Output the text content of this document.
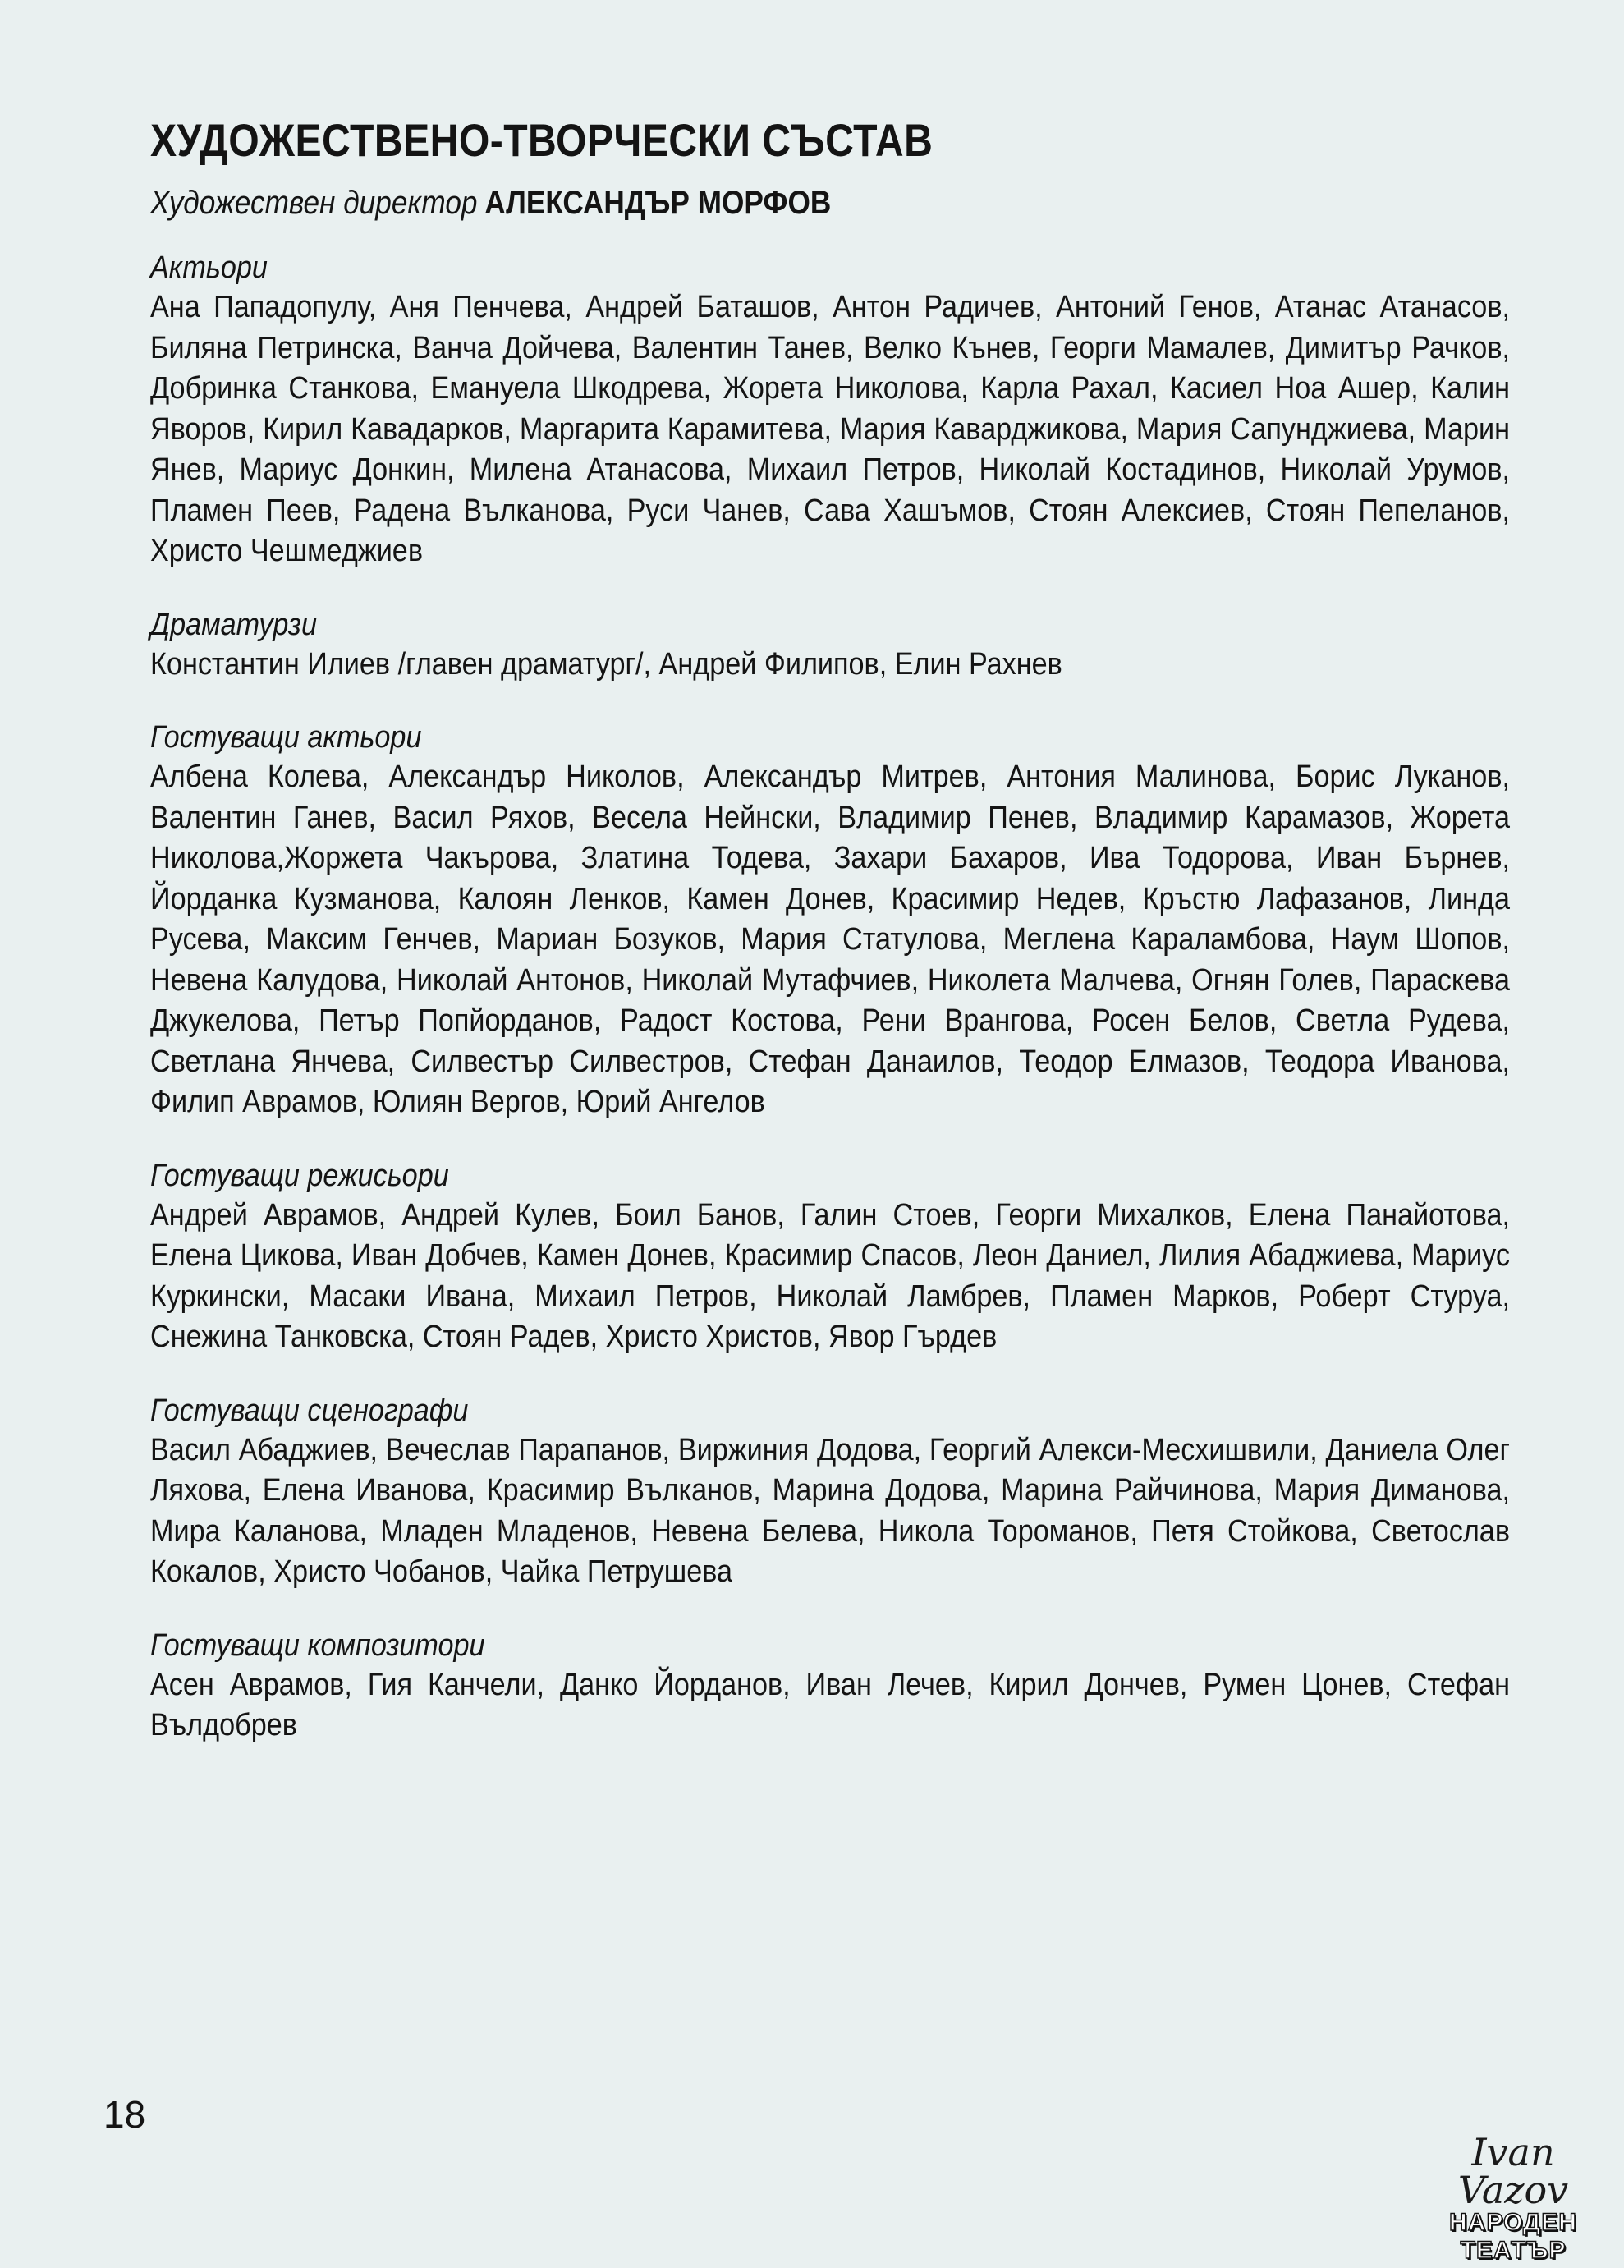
ХУДОЖЕСТВЕНО-ТВОРЧЕСКИ СЪСТАВ
Художествен директор АЛЕКСАНДЪР МОРФОВ
Актьори
Ана Пападопулу, Аня Пенчева, Андрей Баташов, Антон Радичев, Антоний Генов, Атанас Атанасов, Биляна Петринска, Ванча Дойчева, Валентин Танев, Велко Кънев, Георги Мамалев, Димитър Рачков, Добринка Станкова, Емануела Шкодрева, Жорета Николова, Карла Рахал, Касиел Ноа Ашер, Калин Яворов, Кирил Кавадарков, Маргарита Карамитева, Мария Каварджикова, Мария Сапунджиева, Марин Янев, Мариус Донкин, Милена Атанасова, Михаил Петров, Николай Костадинов, Николай Урумов, Пламен Пеев, Радена Вълканова, Руси Чанев, Сава Хашъмов, Стоян Алексиев, Стоян Пепеланов, Христо Чешмеджиев
Драматурзи
Константин Илиев /главен драматург/, Андрей Филипов, Елин Рахнев
Гостуващи актьори
Албена Колева, Александър Николов, Александър Митрев, Антония Малинова, Борис Луканов, Валентин Ганев, Васил Ряхов, Весела Нейнски, Владимир Пенев, Владимир Карамазов, Жорета Николова,Жоржета Чакърова, Златина Тодева, Захари Бахаров, Ива Тодорова, Иван Бърнев, Йорданка Кузманова, Калоян Ленков, Камен Донев, Красимир Недев, Кръстю Лафазанов, Линда Русева, Максим Генчев, Мариан Бозуков, Мария Статулова, Меглена Караламбова, Наум Шопов, Невена Калудова, Николай Антонов, Николай Мутафчиев, Николета Малчева, Огнян Голев, Параскева Джукелова, Петър Попйорданов, Радост Костова, Рени Врангова, Росен Белов, Светла Рудева, Светлана Янчева, Силвестър Силвестров, Стефан Данаилов, Теодор Елмазов, Теодора Иванова, Филип Аврамов, Юлиян Вергов, Юрий Ангелов
Гостуващи режисьори
Андрей Аврамов, Андрей Кулев, Боил Банов, Галин Стоев, Георги Михалков, Елена Панайотова, Елена Цикова, Иван Добчев, Камен Донев, Красимир Спасов, Леон Даниел, Лилия Абаджиева, Мариус Куркински, Масаки Ивана, Михаил Петров, Николай Ламбрев, Пламен Марков, Роберт Стуруа, Снежина Танковска, Стоян Радев, Христо Христов, Явор Гърдев
Гостуващи сценографи
Васил Абаджиев, Вечеслав Парапанов, Виржиния Додова, Георгий Алекси-Месхишвили, Даниела Олег Ляхова, Елена Иванова, Красимир Вълканов, Марина Додова, Марина Райчинова, Мария Диманова, Мира Каланова, Младен Младенов, Невена Белева, Никола Тороманов, Петя Стойкова, Светослав Кокалов, Христо Чобанов, Чайка Петрушева
Гостуващи композитори
Асен Аврамов, Гия Канчели, Данко Йорданов, Иван Лечев, Кирил Дончев, Румен Цонев, Стефан Вълдобрев
18
Ivan Vazov
НАРОДЕН
ТЕАТЪР
